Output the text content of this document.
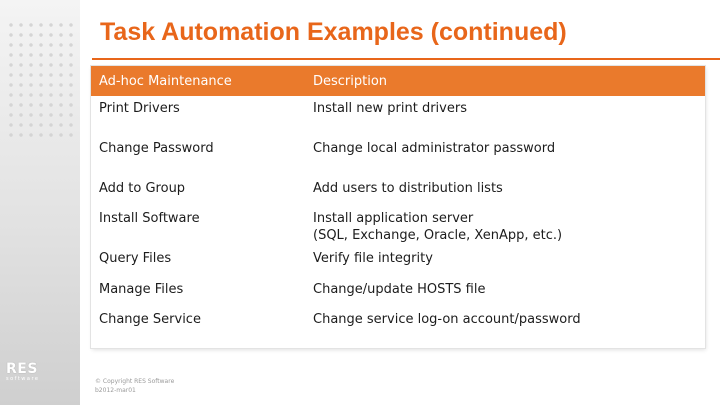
RES
software
Task Automation Examples (continued)
Ad-hoc Maintenance	Description
Print Drivers	Install new print drivers
Change Password	Change local administrator password
Add to Group	Add users to distribution lists
Install Software	Install application server
(SQL, Exchange, Oracle, XenApp, etc.)
Query Files	Verify file integrity
Manage Files	Change/update HOSTS file
Change Service	Change service log-on account/password
© Copyright RES Software
b2012-mar01
